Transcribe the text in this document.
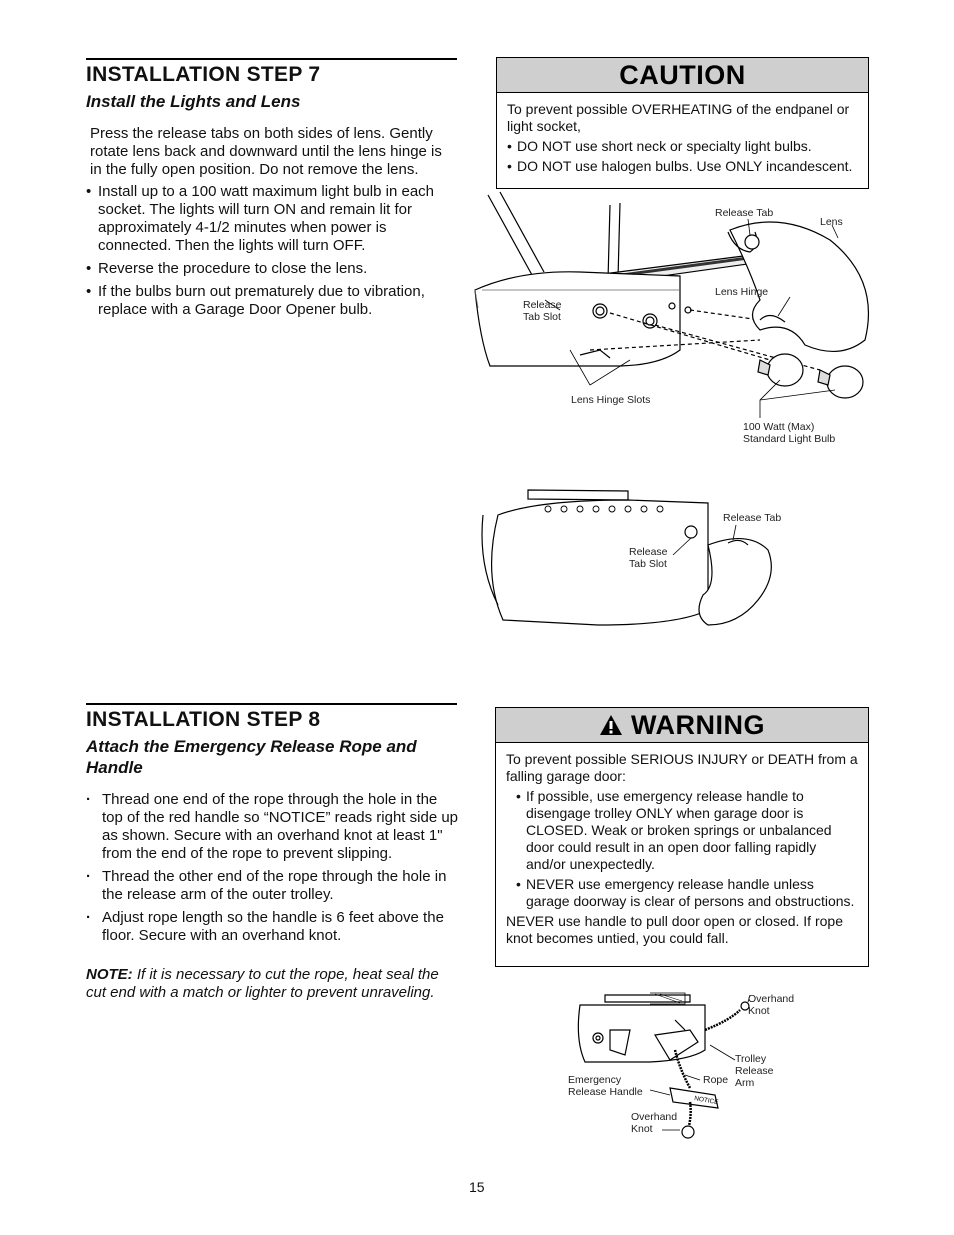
INSTALLATION STEP 7
Install the Lights and Lens

Press the release tabs on both sides of lens. Gently rotate lens back and downward until the lens hinge is in the fully open position. Do not remove the lens.

• Install up to a 100 watt maximum light bulb in each socket. The lights will turn ON and remain lit for approximately 4-1/2 minutes when power is connected. Then the lights will turn OFF.
• Reverse the procedure to close the lens.
• If the bulbs burn out prematurely due to vibration, replace with a Garage Door Opener bulb.
CAUTION

To prevent possible OVERHEATING of the endpanel or light socket,

• DO NOT use short neck or specialty light bulbs.
• DO NOT use halogen bulbs. Use ONLY incandescent.
Release Tab
Lens
Release
Tab Slot
Lens Hinge
Lens Hinge Slots
100 Watt (Max)
Standard Light Bulb
Release Tab
Release
Tab Slot
INSTALLATION STEP 8
Attach the Emergency Release Rope and Handle
· Thread one end of the rope through the hole in the top of the red handle so “NOTICE” reads right side up as shown. Secure with an overhand knot at least 1" from the end of the rope to prevent slipping.
· Thread the other end of the rope through the hole in the release arm of the outer trolley.
· Adjust rope length so the handle is 6 feet above the floor. Secure with an overhand knot.

NOTE: If it is necessary to cut the rope, heat seal the cut end with a match or lighter to prevent unraveling.

WARNING

To prevent possible SERIOUS INJURY or DEATH from a falling garage door:

• If possible, use emergency release handle to disengage trolley ONLY when garage door is CLOSED. Weak or broken springs or unbalanced door could result in an open door falling rapidly and/or unexpectedly.
• NEVER use emergency release handle unless garage doorway is clear of persons and obstructions.

NEVER use handle to pull door open or closed. If rope knot becomes untied, you could fall.

NOTICE
Overhand
Knot
Trolley
Release
Arm
Rope
Emergency
Release Handle
Overhand
Knot
15
